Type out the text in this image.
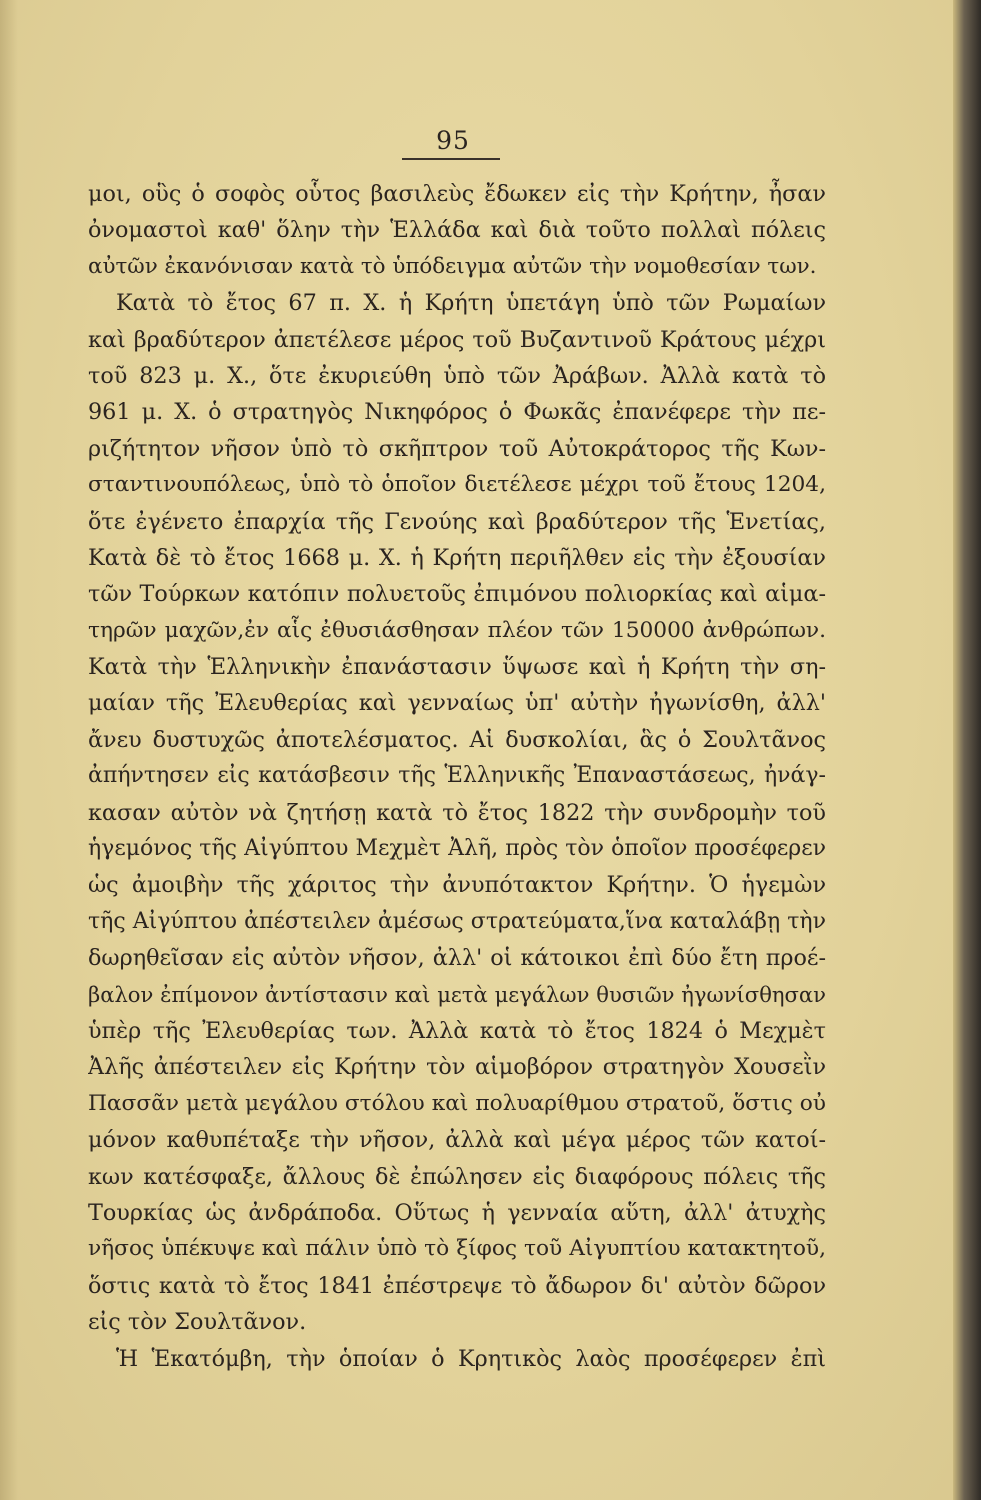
95
μοι, οὓς ὁ σοφὸς οὗτος βασιλεὺς ἔδωκεν εἰς τὴν Κρήτην, ἦσαν
ὀνομαστοὶ καθ' ὅλην τὴν Ἑλλάδα καὶ διὰ τοῦτο πολλαὶ πόλεις
αὐτῶν ἐκανόνισαν κατὰ τὸ ὑπόδειγμα αὐτῶν τὴν νομοθεσίαν των.
Κατὰ τὸ ἔτος 67 π. Χ. ἡ Κρήτη ὑπετάγη ὑπὸ τῶν Ρωμαίων
καὶ βραδύτερον ἀπετέλεσε μέρος τοῦ Βυζαντινοῦ Κράτους μέχρι
τοῦ 823 μ. Χ., ὅτε ἐκυριεύθη ὑπὸ τῶν Ἀράβων. Ἀλλὰ κατὰ τὸ
961 μ. Χ. ὁ στρατηγὸς Νικηφόρος ὁ Φωκᾶς ἐπανέφερε τὴν πε-
ριζήτητον νῆσον ὑπὸ τὸ σκῆπτρον τοῦ Αὐτοκράτορος τῆς Κων-
σταντινουπόλεως, ὑπὸ τὸ ὁποῖον διετέλεσε μέχρι τοῦ ἔτους 1204,
ὅτε ἐγένετο ἐπαρχία τῆς Γενούης καὶ βραδύτερον τῆς Ἑνετίας,
Κατὰ δὲ τὸ ἔτος 1668 μ. Χ. ἡ Κρήτη περιῆλθεν εἰς τὴν ἐξουσίαν
τῶν Τούρκων κατόπιν πολυετοῦς ἐπιμόνου πολιορκίας καὶ αἱμα-
τηρῶν μαχῶν,ἐν αἷς ἐθυσιάσθησαν πλέον τῶν 150000 ἀνθρώπων.
Κατὰ τὴν Ἑλληνικὴν ἐπανάστασιν ὕψωσε καὶ ἡ Κρήτη τὴν ση-
μαίαν τῆς Ἐλευθερίας καὶ γενναίως ὑπ' αὐτὴν ἠγωνίσθη, ἀλλ'
ἄνευ δυστυχῶς ἀποτελέσματος. Αἱ δυσκολίαι, ἃς ὁ Σουλτᾶνος
ἀπήντησεν εἰς κατάσβεσιν τῆς Ἑλληνικῆς Ἐπαναστάσεως, ἠνάγ-
κασαν αὐτὸν νὰ ζητήσῃ κατὰ τὸ ἔτος 1822 τὴν συνδρομὴν τοῦ
ἡγεμόνος τῆς Αἰγύπτου Μεχμὲτ Ἀλῆ, πρὸς τὸν ὁποῖον προσέφερεν
ὡς ἀμοιβὴν τῆς χάριτος τὴν ἀνυπότακτον Κρήτην. Ὁ ἡγεμὼν
τῆς Αἰγύπτου ἀπέστειλεν ἀμέσως στρατεύματα,ἵνα καταλάβῃ τὴν
δωρηθεῖσαν εἰς αὐτὸν νῆσον, ἀλλ' οἱ κάτοικοι ἐπὶ δύο ἔτη προέ-
βαλον ἐπίμονον ἀντίστασιν καὶ μετὰ μεγάλων θυσιῶν ἠγωνίσθησαν
ὑπὲρ τῆς Ἐλευθερίας των. Ἀλλὰ κατὰ τὸ ἔτος 1824 ὁ Μεχμὲτ
Ἀλῆς ἀπέστειλεν εἰς Κρήτην τὸν αἱμοβόρον στρατηγὸν Χουσεῒν
Πασσᾶν μετὰ μεγάλου στόλου καὶ πολυαρίθμου στρατοῦ, ὅστις οὐ
μόνον καθυπέταξε τὴν νῆσον, ἀλλὰ καὶ μέγα μέρος τῶν κατοί-
κων κατέσφαξε, ἄλλους δὲ ἐπώλησεν εἰς διαφόρους πόλεις τῆς
Τουρκίας ὡς ἀνδράποδα. Οὕτως ἡ γενναία αὕτη, ἀλλ' ἀτυχὴς
νῆσος ὑπέκυψε καὶ πάλιν ὑπὸ τὸ ξίφος τοῦ Αἰγυπτίου κατακτητοῦ,
ὅστις κατὰ τὸ ἔτος 1841 ἐπέστρεψε τὸ ἄδωρον δι' αὐτὸν δῶρον
εἰς τὸν Σουλτᾶνον.
Ἡ Ἑκατόμβη, τὴν ὁποίαν ὁ Κρητικὸς λαὸς προσέφερεν ἐπὶ
